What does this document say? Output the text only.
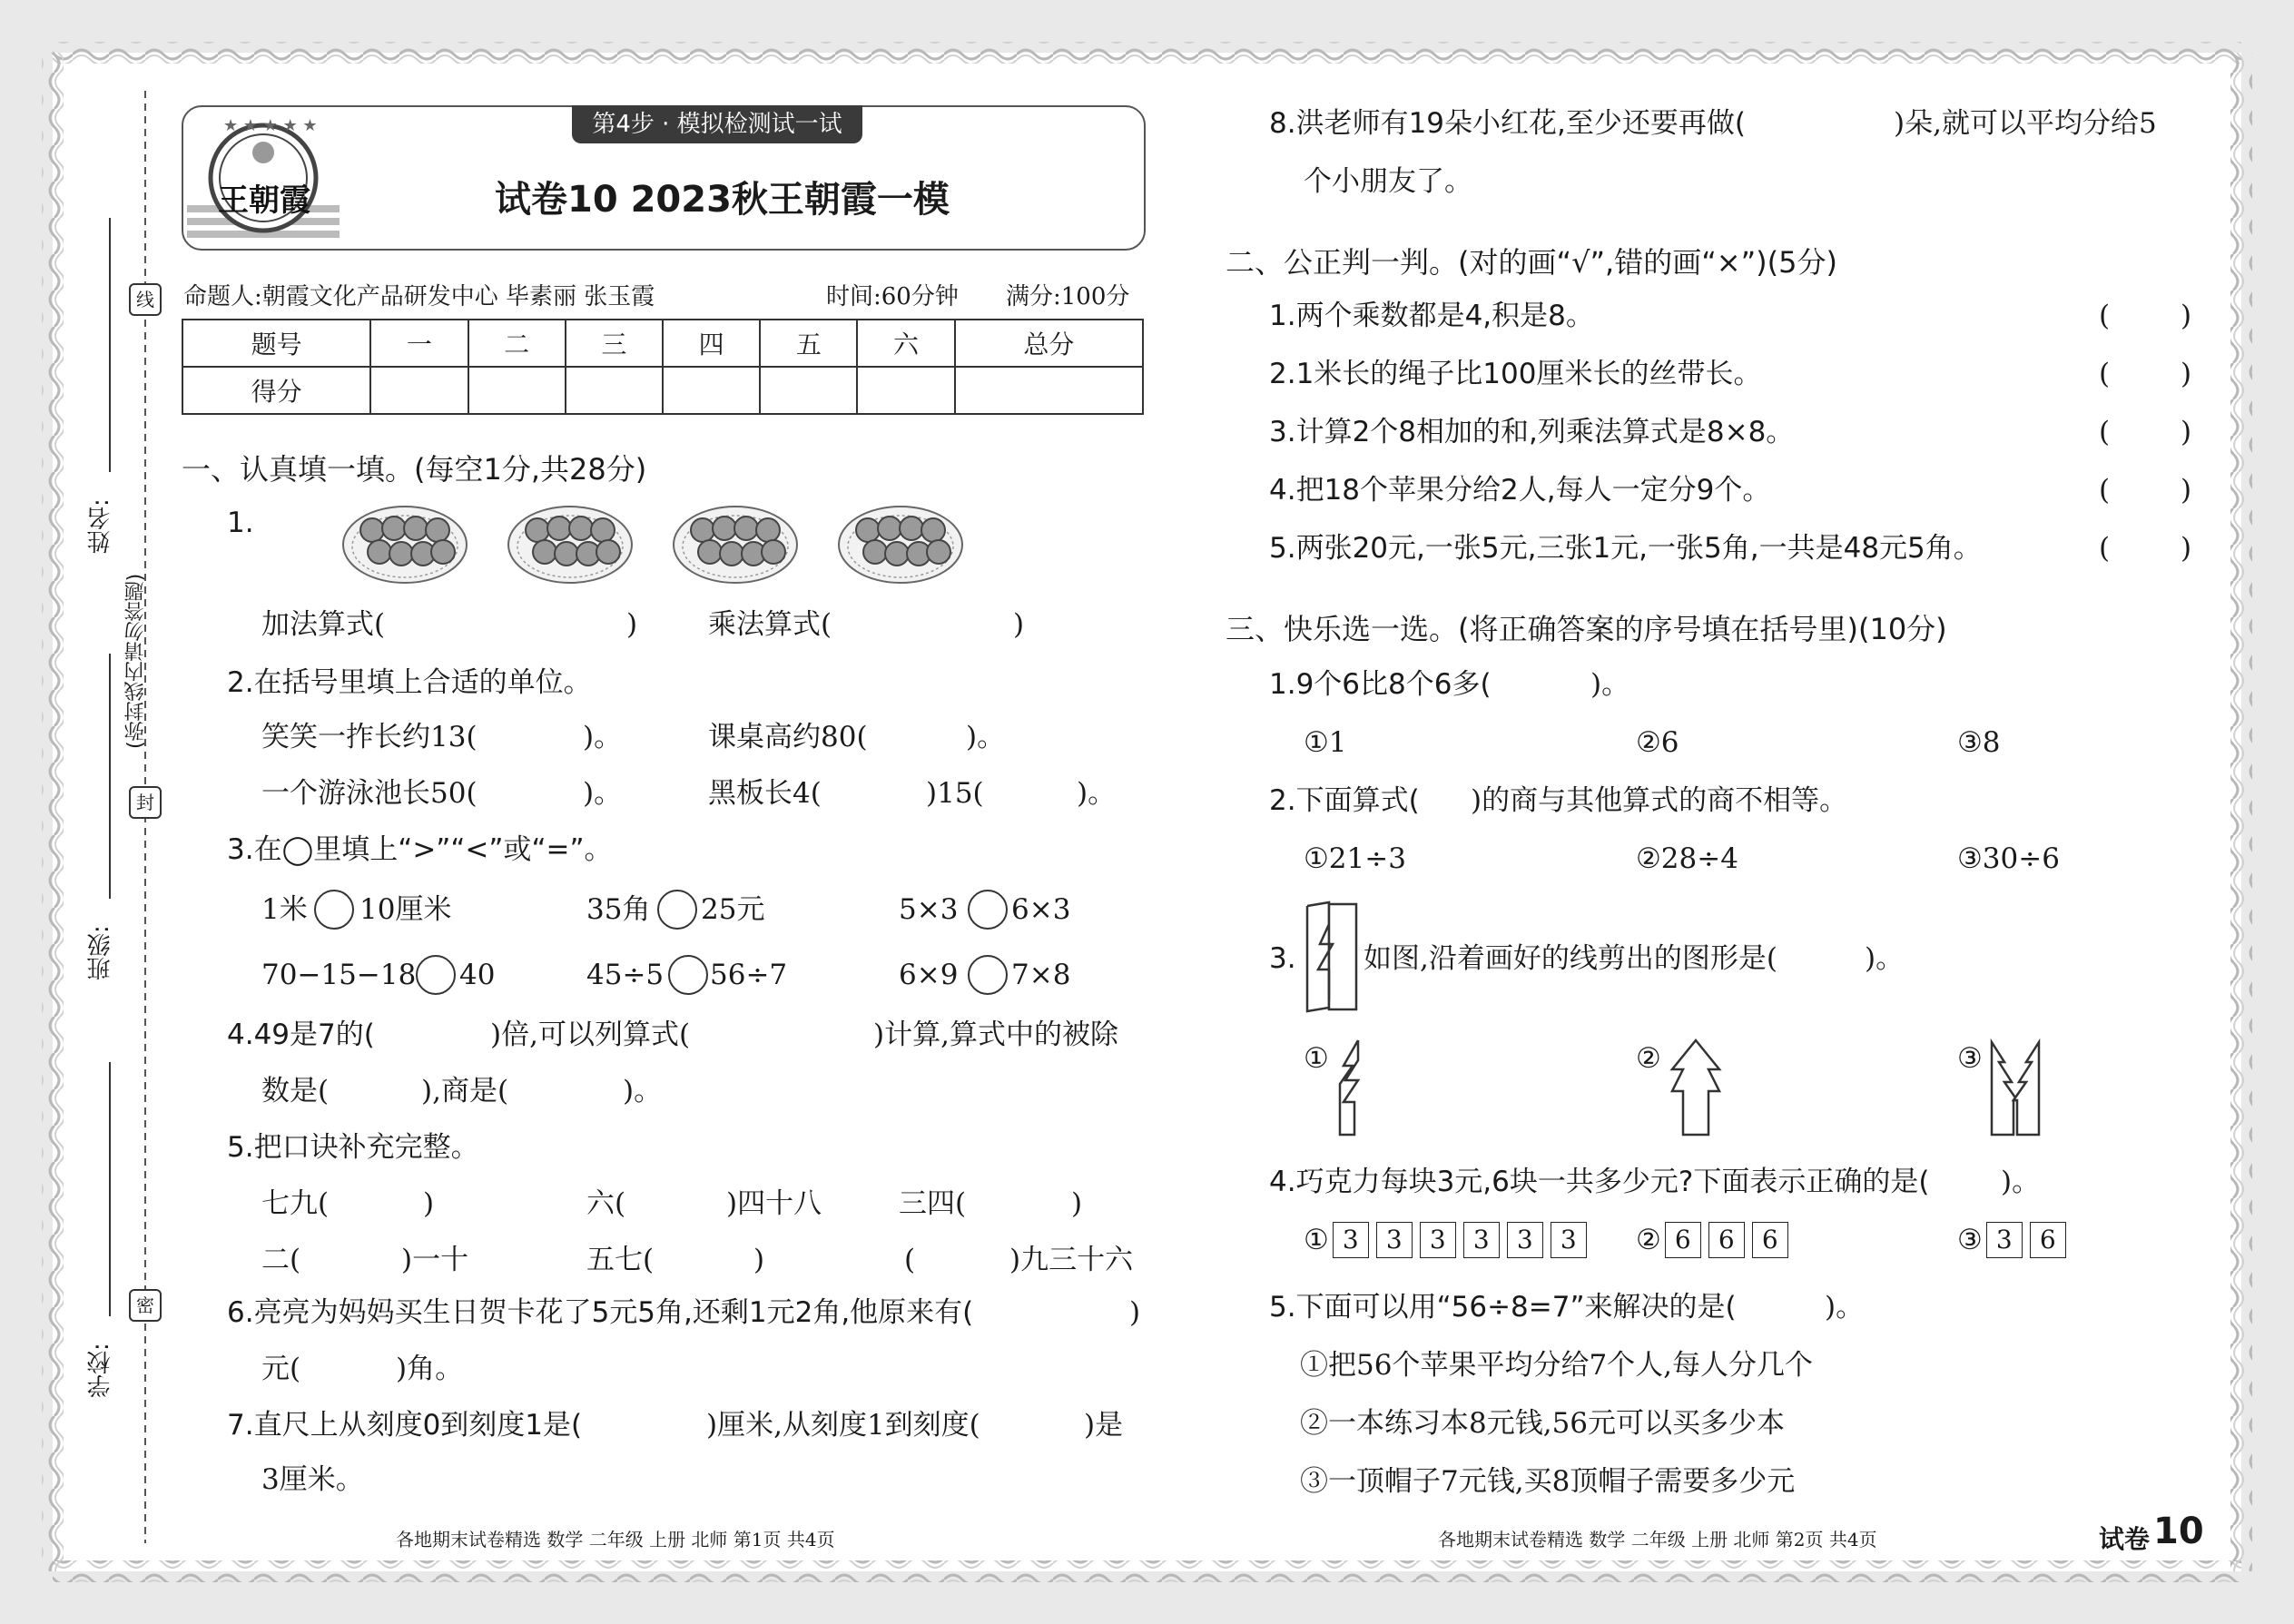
线
封
密
(弥封线内请勿答题)
姓名:
班级:
学校:
第4步 · 模拟检测试一试
★ ★ ★ ★ ★
王朝霞	试卷10 2023秋王朝霞一模
命题人:朝霞文化产品研发中心 毕素丽 张玉霞	时间:60分钟 满分:100分
题号	一	二	三	四	五	六	总分
得分							
一、认真填一填。(每空1分,共28分)
1.
加法算式(	)	乘法算式(	)
2.在括号里填上合适的单位。
笑笑一拃长约13(	)。	课桌高约80(	)。
一个游泳池长50(	)。	黑板长4(	)15(	)。
3.在◯里填上“>”“<”或“=”。
1米 10厘米	35角 25元	5×3 6×3
70−15−18 40	45÷5 56÷7	6×9 7×8
4.49是7的(	)倍,可以列算式(	)计算,算式中的被除
数是(	),商是(	)。
5.把口诀补充完整。
七九(	)	六(	)四十八	三四(	)
二(	)一十	五七(	)	(	)九三十六
6.亮亮为妈妈买生日贺卡花了5元5角,还剩1元2角,他原来有(	)
元(	)角。
7.直尺上从刻度0到刻度1是(	)厘米,从刻度1到刻度(	)是
3厘米。
各地期末试卷精选 数学 二年级 上册 北师 第1页 共4页
8.洪老师有19朵小红花,至少还要再做(	)朵,就可以平均分给5
个小朋友了。
二、公正判一判。(对的画“√”,错的画“×”)(5分)
1.两个乘数都是4,积是8。	(	)
2.1米长的绳子比100厘米长的丝带长。	(	)
3.计算2个8相加的和,列乘法算式是8×8。	(	)
4.把18个苹果分给2人,每人一定分9个。	(	)
5.两张20元,一张5元,三张1元,一张5角,一共是48元5角。	(	)
三、快乐选一选。(将正确答案的序号填在括号里)(10分)
1.9个6比8个6多(	)。
①1	②6	③8
2.下面算式( )的商与其他算式的商不相等。
①21÷3	②28÷4	③30÷6
3. 如图,沿着画好的线剪出的图形是(	)。
①	②	③
4.巧克力每块3元,6块一共多少元?下面表示正确的是(	)。
① 3	3	3	3	3	3	② 6	6	6	③ 3	6
5.下面可以用“56÷8=7”来解决的是(	)。
①把56个苹果平均分给7个人,每人分几个
②一本练习本8元钱,56元可以买多少本
③一顶帽子7元钱,买8顶帽子需要多少元
各地期末试卷精选 数学 二年级 上册 北师 第2页 共4页	试卷 10
